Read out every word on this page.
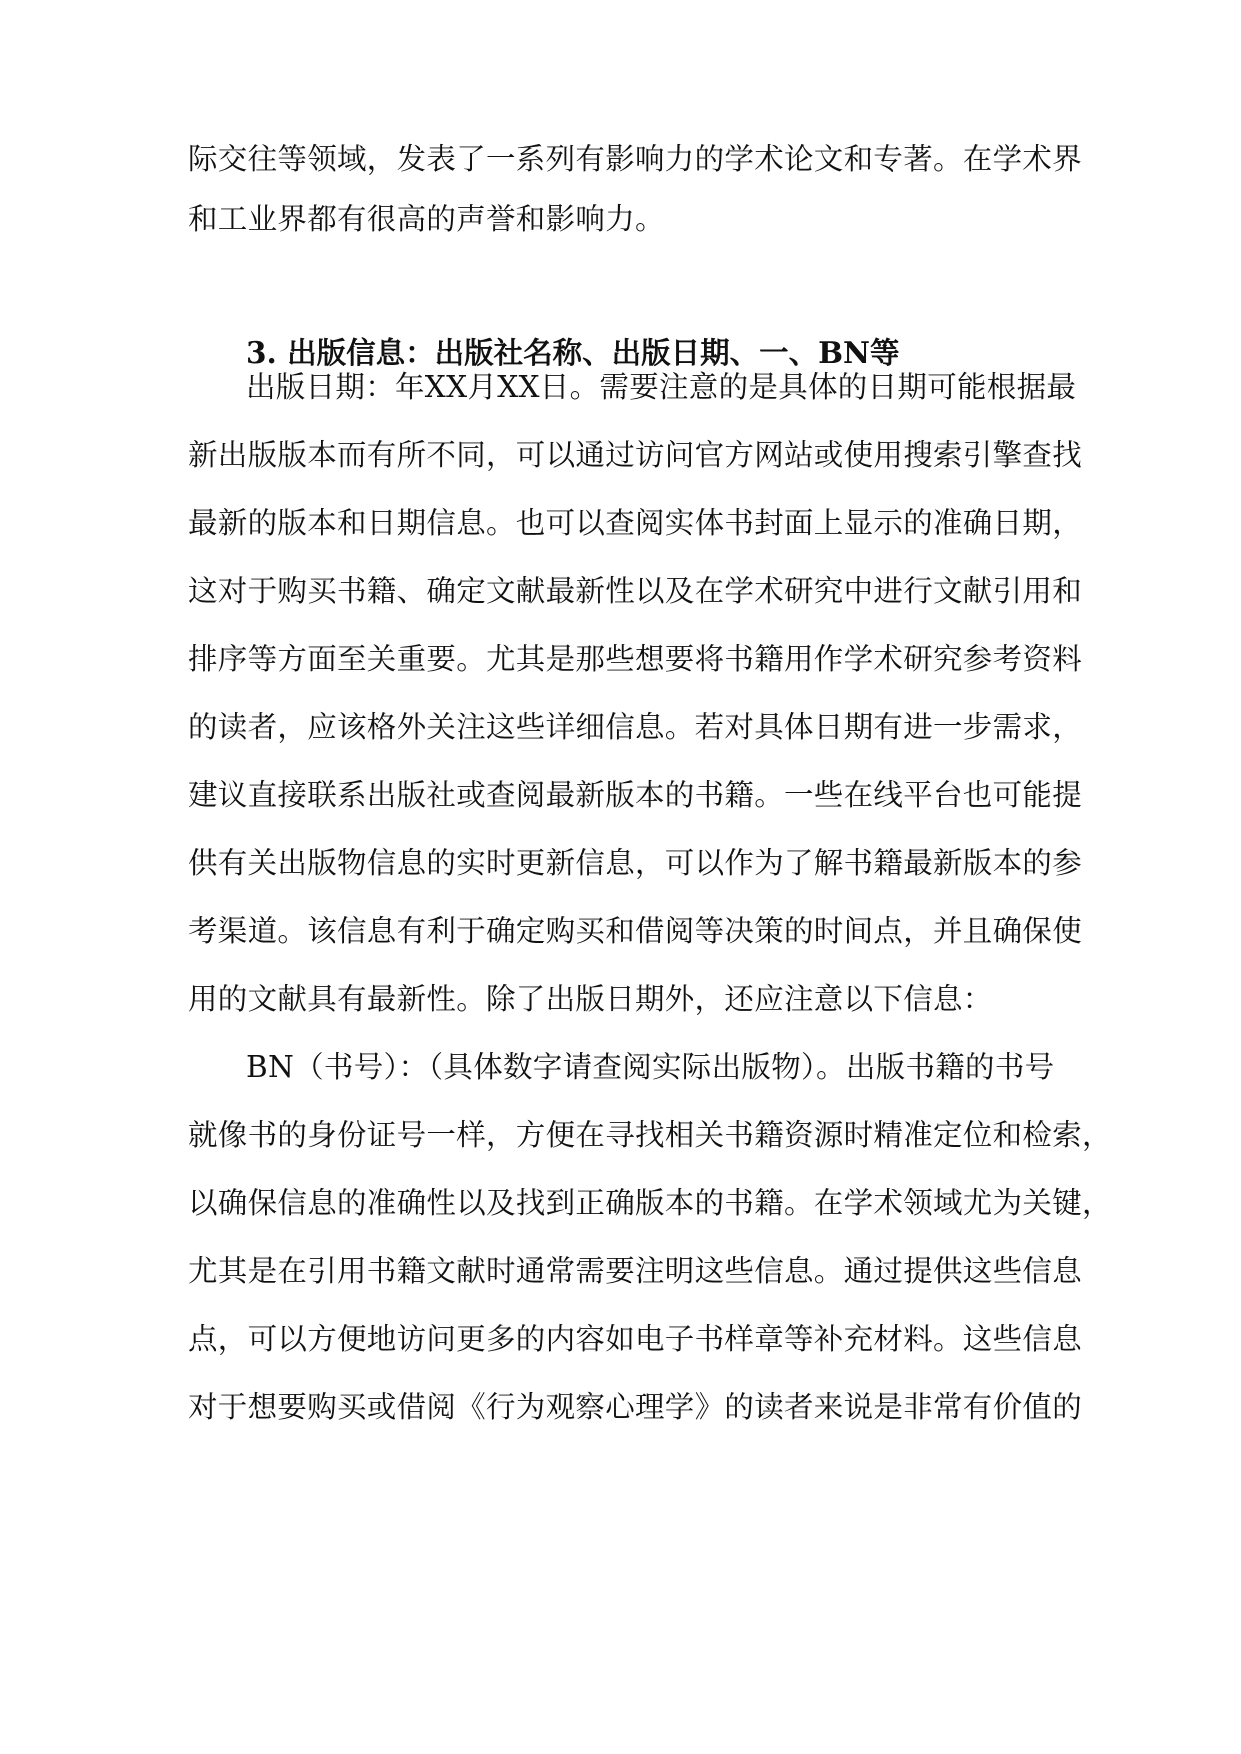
际交往等领域，发表了一系列有影响力的学术论文和专著。在学术界
和工业界都有很高的声誉和影响力。
3. 出版信息：出版社名称、出版日期、一、BN等
出版日期：年XX月XX日。需要注意的是具体的日期可能根据最
新出版版本而有所不同，可以通过访问官方网站或使用搜索引擎查找
最新的版本和日期信息。也可以查阅实体书封面上显示的准确日期，
这对于购买书籍、确定文献最新性以及在学术研究中进行文献引用和
排序等方面至关重要。尤其是那些想要将书籍用作学术研究参考资料
的读者，应该格外关注这些详细信息。若对具体日期有进一步需求，
建议直接联系出版社或查阅最新版本的书籍。一些在线平台也可能提
供有关出版物信息的实时更新信息，可以作为了解书籍最新版本的参
考渠道。该信息有利于确定购买和借阅等决策的时间点，并且确保使
用的文献具有最新性。除了出版日期外，还应注意以下信息：
BN（书号）：（具体数字请查阅实际出版物）。出版书籍的书号
就像书的身份证号一样，方便在寻找相关书籍资源时精准定位和检索，
以确保信息的准确性以及找到正确版本的书籍。在学术领域尤为关键，
尤其是在引用书籍文献时通常需要注明这些信息。通过提供这些信息
点，可以方便地访问更多的内容如电子书样章等补充材料。这些信息
对于想要购买或借阅《行为观察心理学》的读者来说是非常有价值的
